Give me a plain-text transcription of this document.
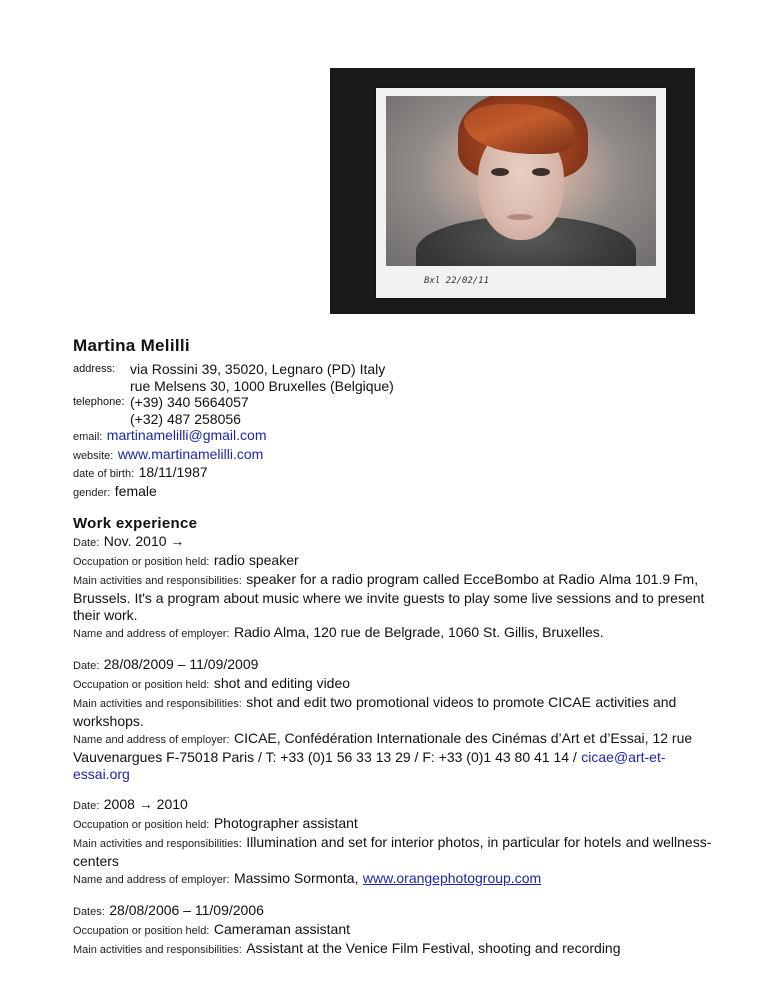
Bxl 22/02/11
Martina Melilli
address:	via Rossini 39, 35020, Legnaro (PD) Italy
rue Melsens 30, 1000 Bruxelles (Belgique)
telephone: (+39) 340 5664057
(+32) 487 258056
email: martinamelilli@gmail.com
website: www.martinamelilli.com
date of birth: 18/11/1987
gender: female
Work experience
Date: Nov. 2010 →
Occupation or position held: radio speaker
Main activities and responsibilities: speaker for a radio program called EcceBombo at Radio Alma 101.9 Fm, Brussels. It's a program about music where we invite guests to play some live sessions and to present their work.
Name and address of employer: Radio Alma, 120 rue de Belgrade, 1060 St. Gillis, Bruxelles.
Date: 28/08/2009 – 11/09/2009
Occupation or position held: shot and editing video
Main activities and responsibilities: shot and edit two promotional videos to promote CICAE activities and workshops.
Name and address of employer: CICAE, Confédération Internationale des Cinémas d’Art et d’Essai, 12 rue Vauvenargues F-75018 Paris / T: +33 (0)1 56 33 13 29 / F: +33 (0)1 43 80 41 14 / cicae@art-et- essai.org
Date: 2008 → 2010
Occupation or position held: Photographer assistant
Main activities and responsibilities: Illumination and set for interior photos, in particular for hotels and wellness-centers
Name and address of employer: Massimo Sormonta, www.orangephotogroup.com
Dates: 28/08/2006 – 11/09/2006
Occupation or position held: Cameraman assistant
Main activities and responsibilities: Assistant at the Venice Film Festival, shooting and recording
